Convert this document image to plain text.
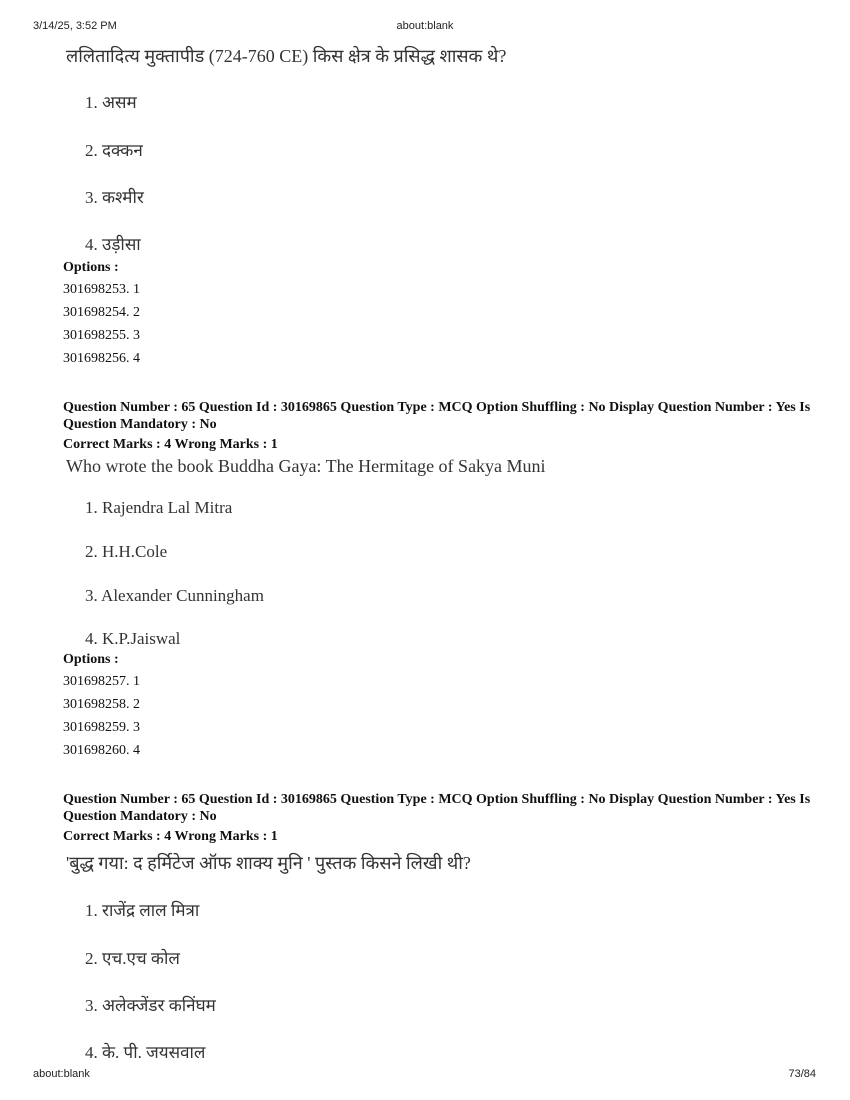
3/14/25, 3:52 PM	about:blank
ललितादित्य मुक्तापीड (724-760 CE) किस क्षेत्र के प्रसिद्ध शासक थे?
1. असम
2. दक्कन
3. कश्मीर
4. उड़ीसा
Options :
301698253. 1
301698254. 2
301698255. 3
301698256. 4
Question Number : 65 Question Id : 30169865 Question Type : MCQ Option Shuffling : No Display Question Number : Yes Is Question Mandatory : No
Correct Marks : 4 Wrong Marks : 1
Who wrote the book Buddha Gaya: The Hermitage of Sakya Muni
1. Rajendra Lal Mitra
2. H.H.Cole
3. Alexander Cunningham
4. K.P.Jaiswal
Options :
301698257. 1
301698258. 2
301698259. 3
301698260. 4
Question Number : 65 Question Id : 30169865 Question Type : MCQ Option Shuffling : No Display Question Number : Yes Is Question Mandatory : No
Correct Marks : 4 Wrong Marks : 1
'बुद्ध गया: द हर्मिटेज ऑफ शाक्य मुनि ' पुस्तक किसने लिखी थी?
1. राजेंद्र लाल मित्रा
2. एच.एच कोल
3. अलेक्जेंडर कनिंघम
4. के. पी. जयसवाल
about:blank	73/84
